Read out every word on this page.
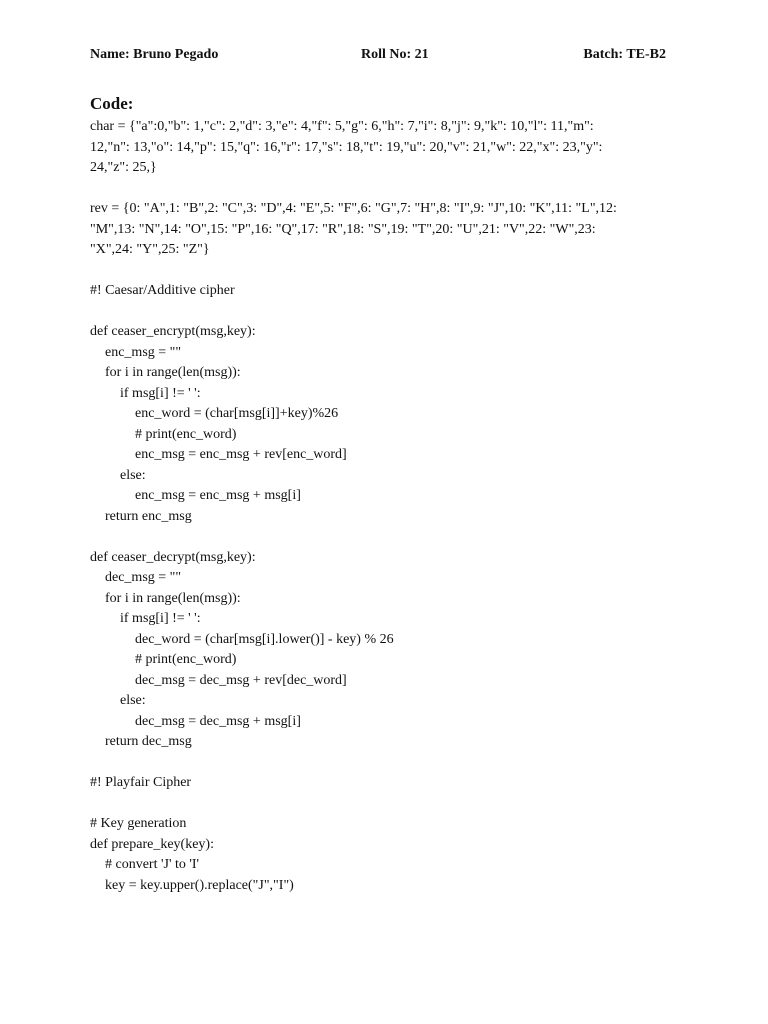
Name: Bruno Pegado	Roll No: 21	Batch: TE-B2
Code:
char = {"a":0,"b": 1,"c": 2,"d": 3,"e": 4,"f": 5,"g": 6,"h": 7,"i": 8,"j": 9,"k": 10,"l": 11,"m":
12,"n": 13,"o": 14,"p": 15,"q": 16,"r": 17,"s": 18,"t": 19,"u": 20,"v": 21,"w": 22,"x": 23,"y":
24,"z": 25,}
rev = {0: "A",1: "B",2: "C",3: "D",4: "E",5: "F",6: "G",7: "H",8: "I",9: "J",10: "K",11: "L",12:
"M",13: "N",14: "O",15: "P",16: "Q",17: "R",18: "S",19: "T",20: "U",21: "V",22: "W",23:
"X",24: "Y",25: "Z"}
#! Caesar/Additive cipher
def ceaser_encrypt(msg,key):
enc_msg = ""
for i in range(len(msg)):
if msg[i] != ' ':
enc_word = (char[msg[i]]+key)%26
# print(enc_word)
enc_msg = enc_msg + rev[enc_word]
else:
enc_msg = enc_msg + msg[i]
return enc_msg
def ceaser_decrypt(msg,key):
dec_msg = ""
for i in range(len(msg)):
if msg[i] != ' ':
dec_word = (char[msg[i].lower()] - key) % 26
# print(enc_word)
dec_msg = dec_msg + rev[dec_word]
else:
dec_msg = dec_msg + msg[i]
return dec_msg
#! Playfair Cipher
# Key generation
def prepare_key(key):
# convert 'J' to 'I'
key = key.upper().replace("J","I")
